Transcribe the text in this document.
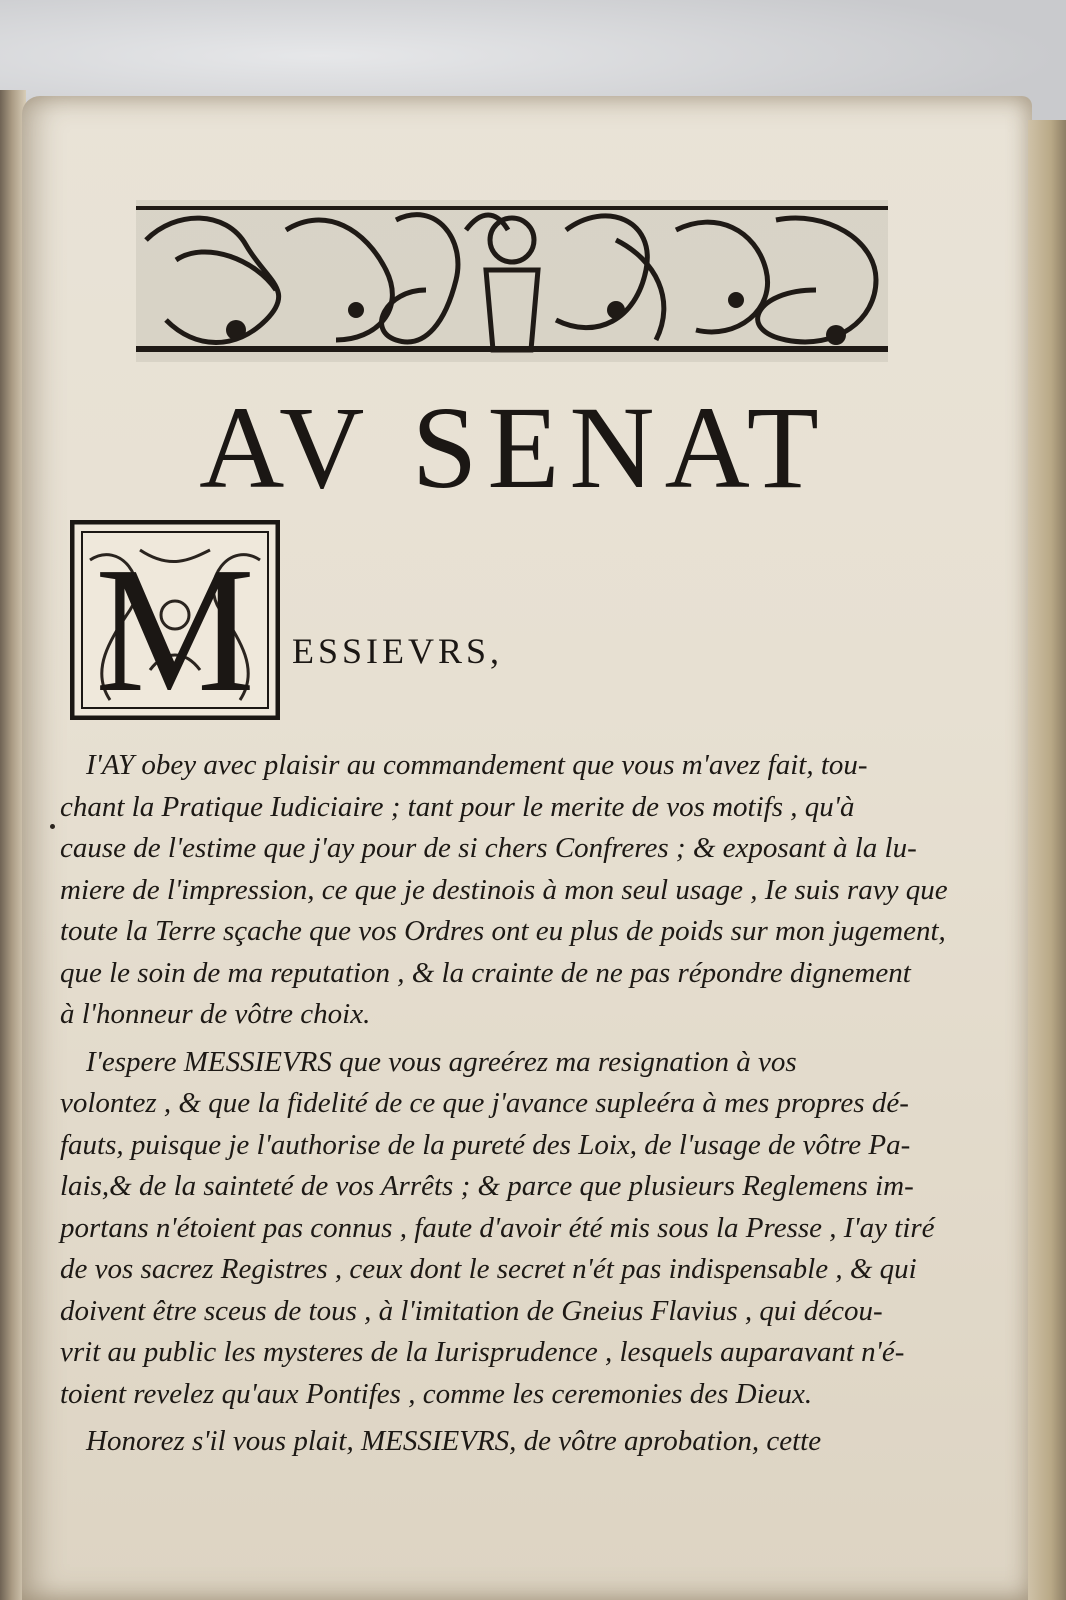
AV SENAT
M ESSIEVRS,
I'AY obey avec plaisir au commandement que vous m'avez fait, tou-
chant la Pratique Iudiciaire ; tant pour le merite de vos motifs , qu'à
cause de l'estime que j'ay pour de si chers Confreres ; & exposant à la lu-
miere de l'impression, ce que je destinois à mon seul usage , Ie suis ravy que
toute la Terre sçache que vos Ordres ont eu plus de poids sur mon jugement,
que le soin de ma reputation , & la crainte de ne pas répondre dignement
à l'honneur de vôtre choix.
I'espere MESSIEVRS que vous agreérez ma resignation à vos
volontez , & que la fidelité de ce que j'avance supleéra à mes propres dé-
fauts, puisque je l'authorise de la pureté des Loix, de l'usage de vôtre Pa-
lais,& de la sainteté de vos Arrêts ; & parce que plusieurs Reglemens im-
portans n'étoient pas connus , faute d'avoir été mis sous la Presse , I'ay tiré
de vos sacrez Registres , ceux dont le secret n'ét pas indispensable , & qui
doivent être sceus de tous , à l'imitation de Gneius Flavius , qui décou-
vrit au public les mysteres de la Iurisprudence , lesquels auparavant n'é-
toient revelez qu'aux Pontifes , comme les ceremonies des Dieux.
Honorez s'il vous plait, MESSIEVRS, de vôtre aprobation, cette
